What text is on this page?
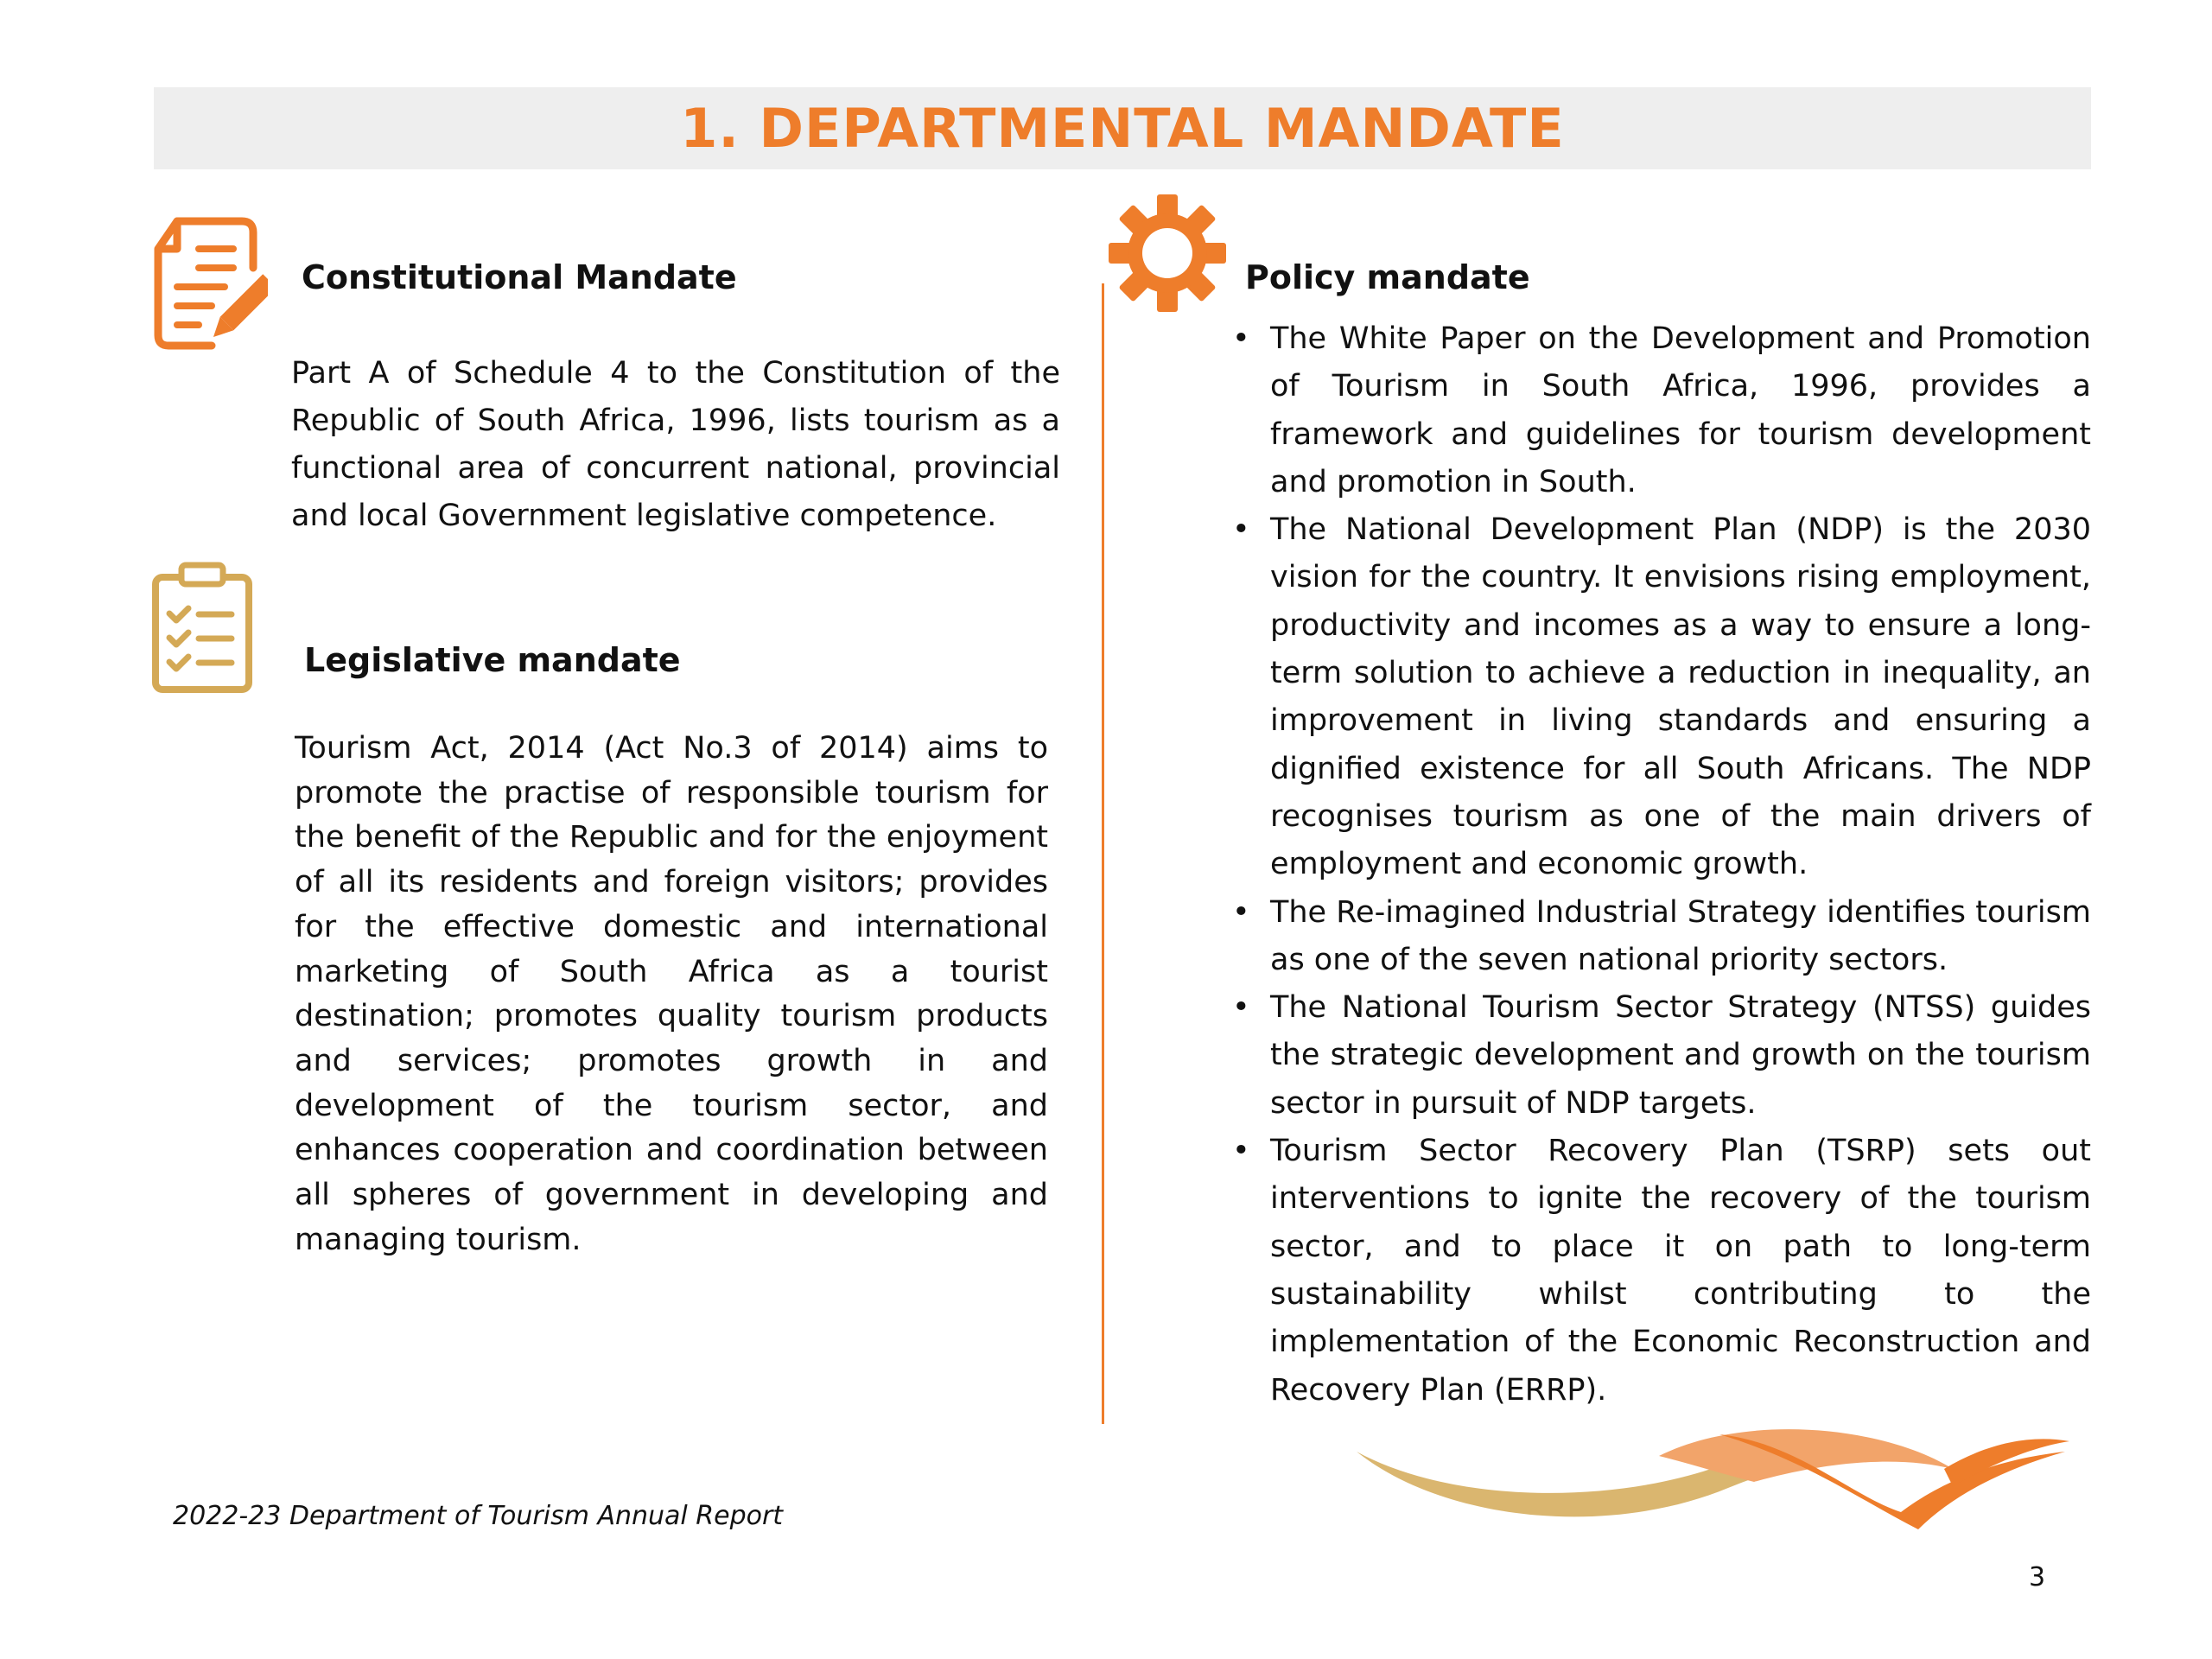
1. DEPARTMENTAL MANDATE
Constitutional Mandate

Part A of Schedule 4 to the Constitution of the Republic of South Africa, 1996, lists tourism as a functional area of concurrent national, provincial and local Government legislative competence.

Legislative mandate

Tourism Act, 2014 (Act No.3 of 2014) aims to promote the practise of responsible tourism for the benefit of the Republic and for the enjoyment of all its residents and foreign visitors; provides for the effective domestic and international marketing of South Africa as a tourist destination; promotes quality tourism products and services; promotes growth in and development of the tourism sector, and enhances cooperation and coordination between all spheres of government in developing and managing tourism.

Policy mandate
• The White Paper on the Development and Promotion of Tourism in South Africa, 1996, provides a framework and guidelines for tourism development and promotion in South.
• The National Development Plan (NDP) is the 2030 vision for the country. It envisions rising employment, productivity and incomes as a way to ensure a long-term solution to achieve a reduction in inequality, an improvement in living standards and ensuring a dignified existence for all South Africans. The NDP recognises tourism as one of the main drivers of employment and economic growth.
• The Re-imagined Industrial Strategy identifies tourism as one of the seven national priority sectors.
• The National Tourism Sector Strategy (NTSS) guides the strategic development and growth on the tourism sector in pursuit of NDP targets.
• Tourism Sector Recovery Plan (TSRP) sets out interventions to ignite the recovery of the tourism sector, and to place it on path to long-term sustainability whilst contributing to the implementation of the Economic Reconstruction and Recovery Plan (ERRP).
2022-23 Department of Tourism Annual Report
3
